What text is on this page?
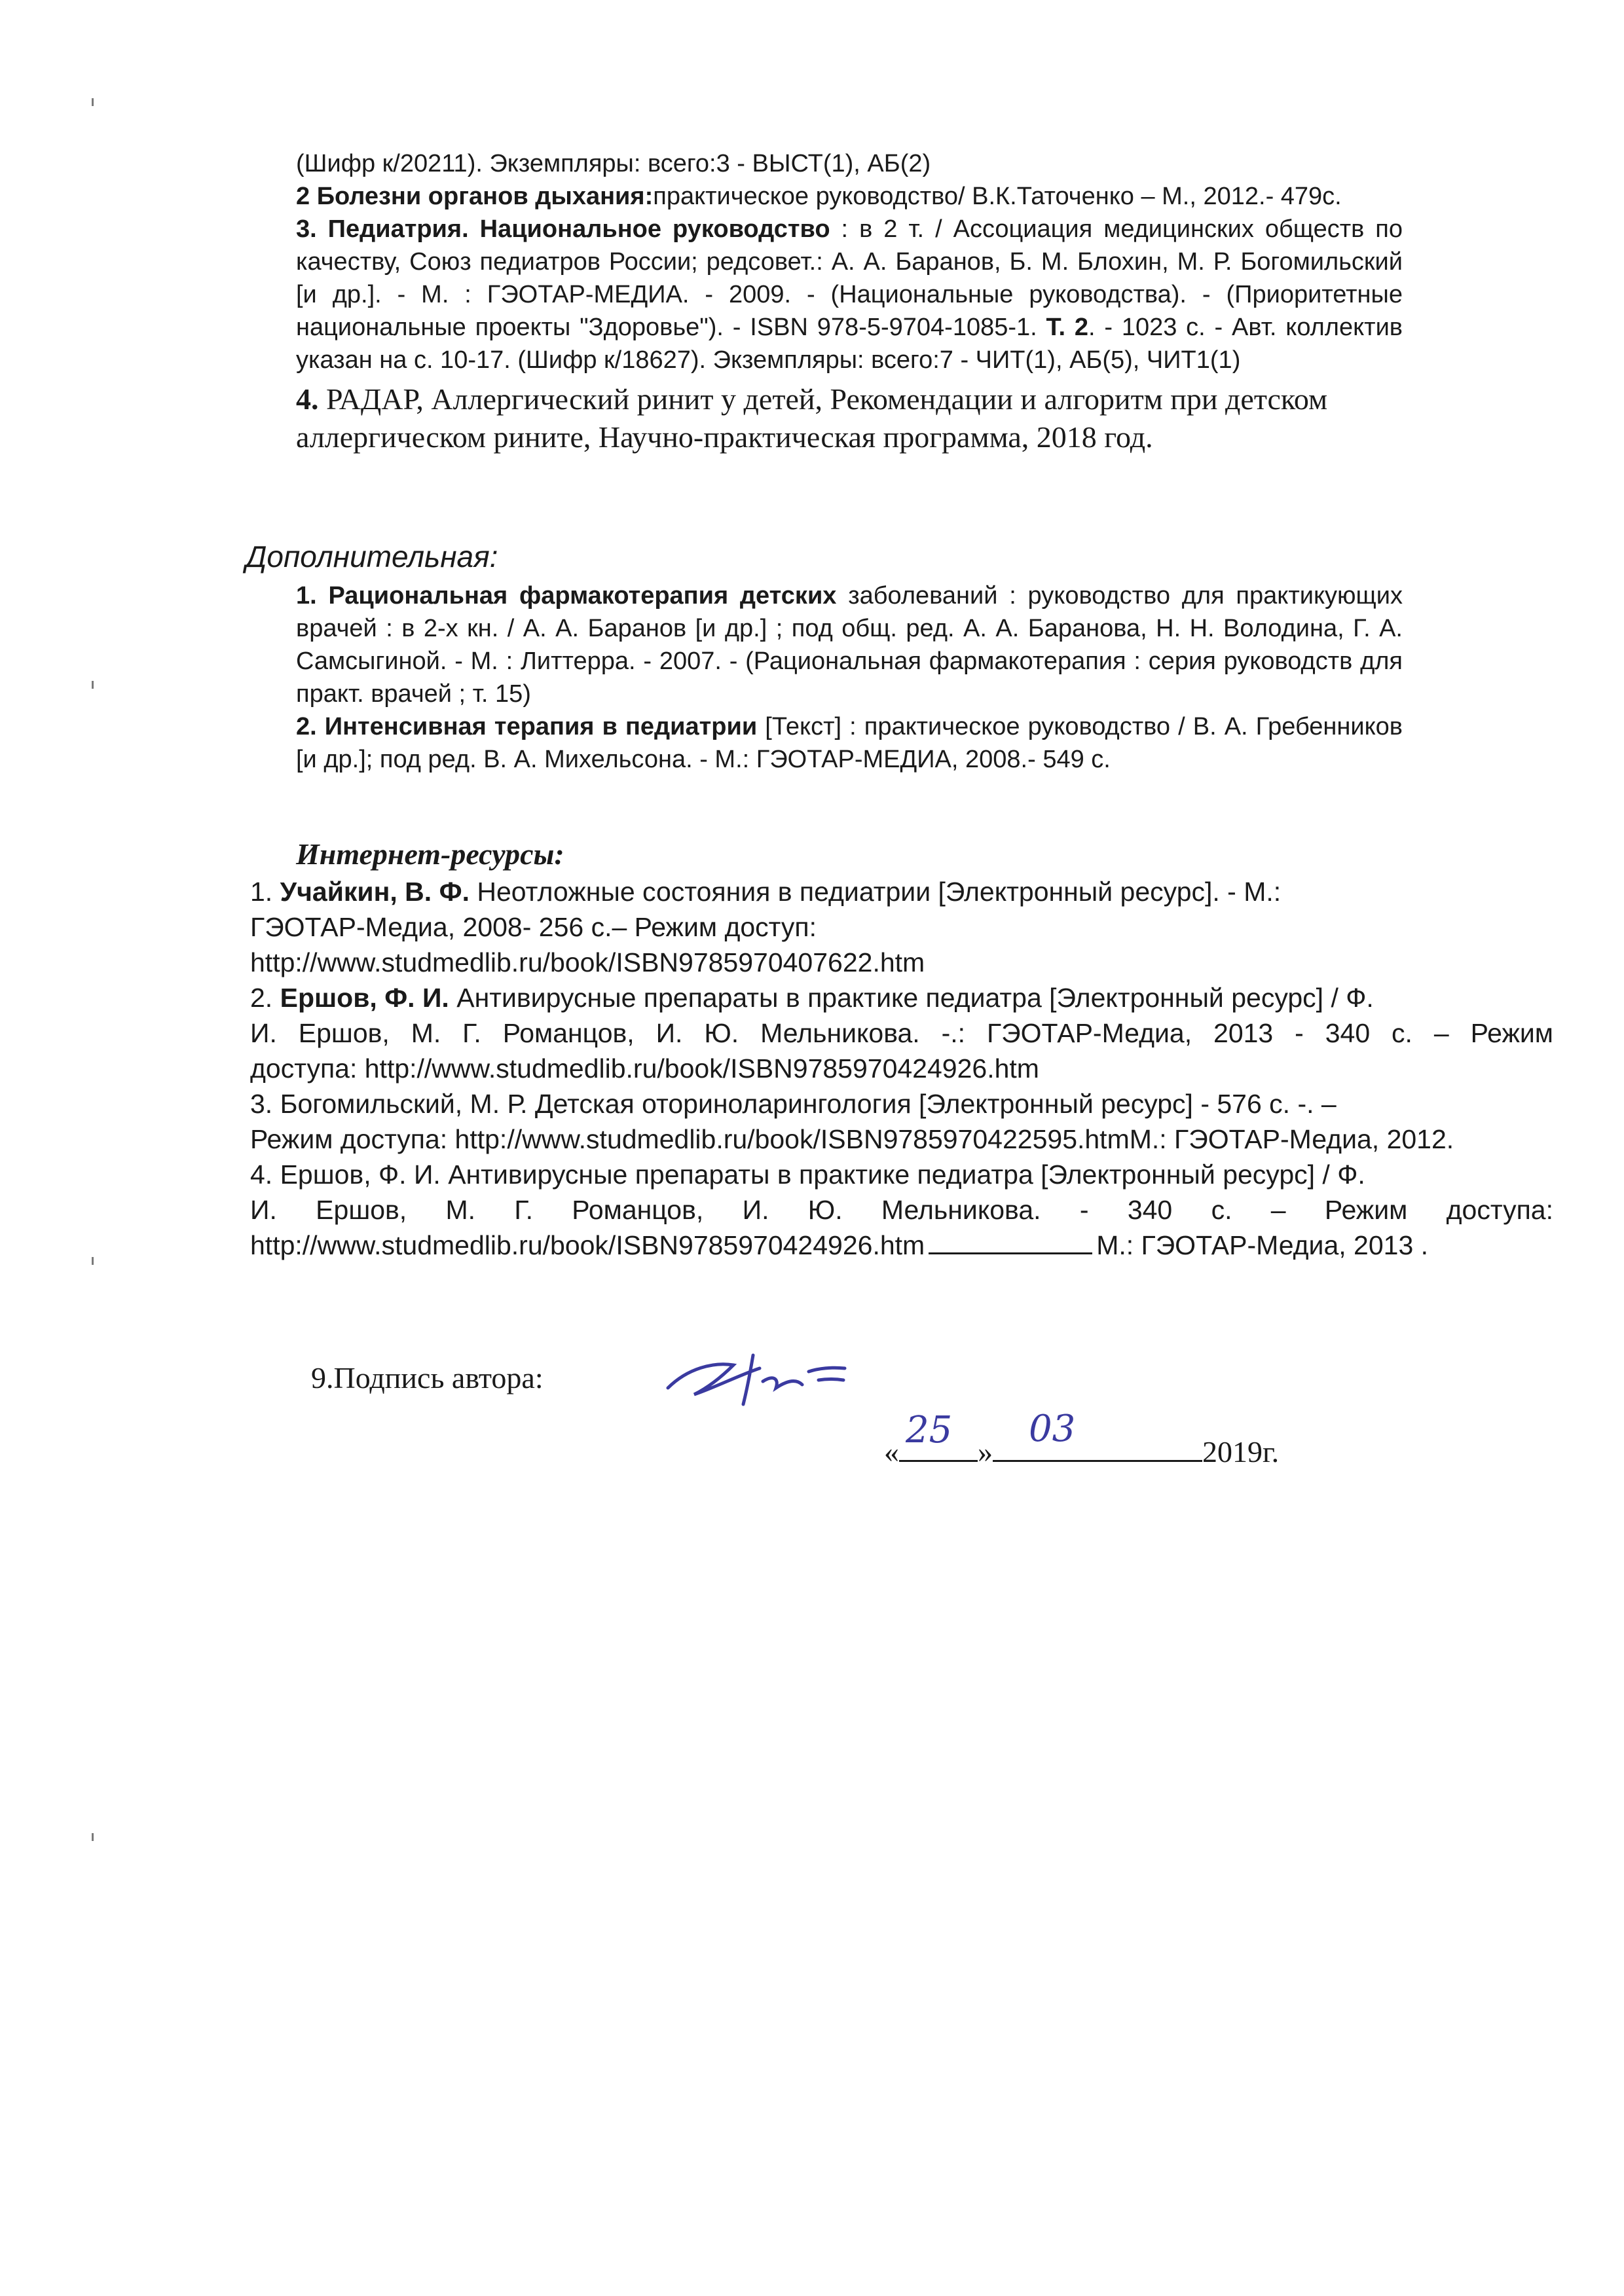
(Шифр к/20211). Экземпляры: всего:3 - ВЫСТ(1), АБ(2)

2 Болезни органов дыхания:практическое руководство/ В.К.Таточенко – М., 2012.- 479с.

3. Педиатрия. Национальное руководство : в 2 т. / Ассоциация медицинских обществ по качеству, Союз педиатров России; редсовет.: А. А. Баранов, Б. М. Блохин, М. Р. Богомильский [и др.]. - М. : ГЭОТАР-МЕДИА. - 2009. - (Национальные руководства). - (Приоритетные национальные проекты "Здоровье"). - ISBN 978-5-9704-1085-1. Т. 2. - 1023 с. - Авт. коллектив указан на с. 10-17. (Шифр к/18627). Экземпляры: всего:7 - ЧИТ(1), АБ(5), ЧИТ1(1)

4. РАДАР, Аллергический ринит у детей, Рекомендации и алгоритм при детском аллергическом рините, Научно-практическая программа, 2018 год.

Дополнительная:

1. Рациональная фармакотерапия детских заболеваний : руководство для практикующих врачей : в 2-х кн. / А. А. Баранов [и др.] ; под общ. ред. А. А. Баранова, Н. Н. Володина, Г. А. Самсыгиной. - М. : Литтерра. - 2007. - (Рациональная фармакотерапия : серия руководств для практ. врачей ; т. 15)

2. Интенсивная терапия в педиатрии [Текст] : практическое руководство / В. А. Гребенников [и др.]; под ред. В. А. Михельсона. - М.: ГЭОТАР-МЕДИА, 2008.- 549 с.

Интернет-ресурсы:

1. Учайкин, В. Ф. Неотложные состояния в педиатрии [Электронный ресурс]. - М.:

ГЭОТАР-Медиа, 2008- 256 с.– Режим доступ:

http://www.studmedlib.ru/book/ISBN9785970407622.htm

2. Ершов, Ф. И. Антивирусные препараты в практике педиатра [Электронный ресурс] / Ф.

И. Ершов, М. Г. Романцов, И. Ю. Мельникова. -.: ГЭОТАР-Медиа, 2013 - 340 с. – Режим

доступа: http://www.studmedlib.ru/book/ISBN9785970424926.htm

3. Богомильский, М. Р. Детская оториноларингология [Электронный ресурс] - 576 с. -. –

Режим доступа: http://www.studmedlib.ru/book/ISBN9785970422595.htmМ.: ГЭОТАР-Медиа, 2012.

4. Ершов, Ф. И. Антивирусные препараты в практике педиатра [Электронный ресурс] / Ф.

И. Ершов, М. Г. Романцов, И. Ю. Мельникова. - 340 с. – Режим доступа:

http://www.studmedlib.ru/book/ISBN9785970424926.htm	М.: ГЭОТАР-Медиа, 2013 .

9.Подпись автора:
«
25
»
03
2019г.
